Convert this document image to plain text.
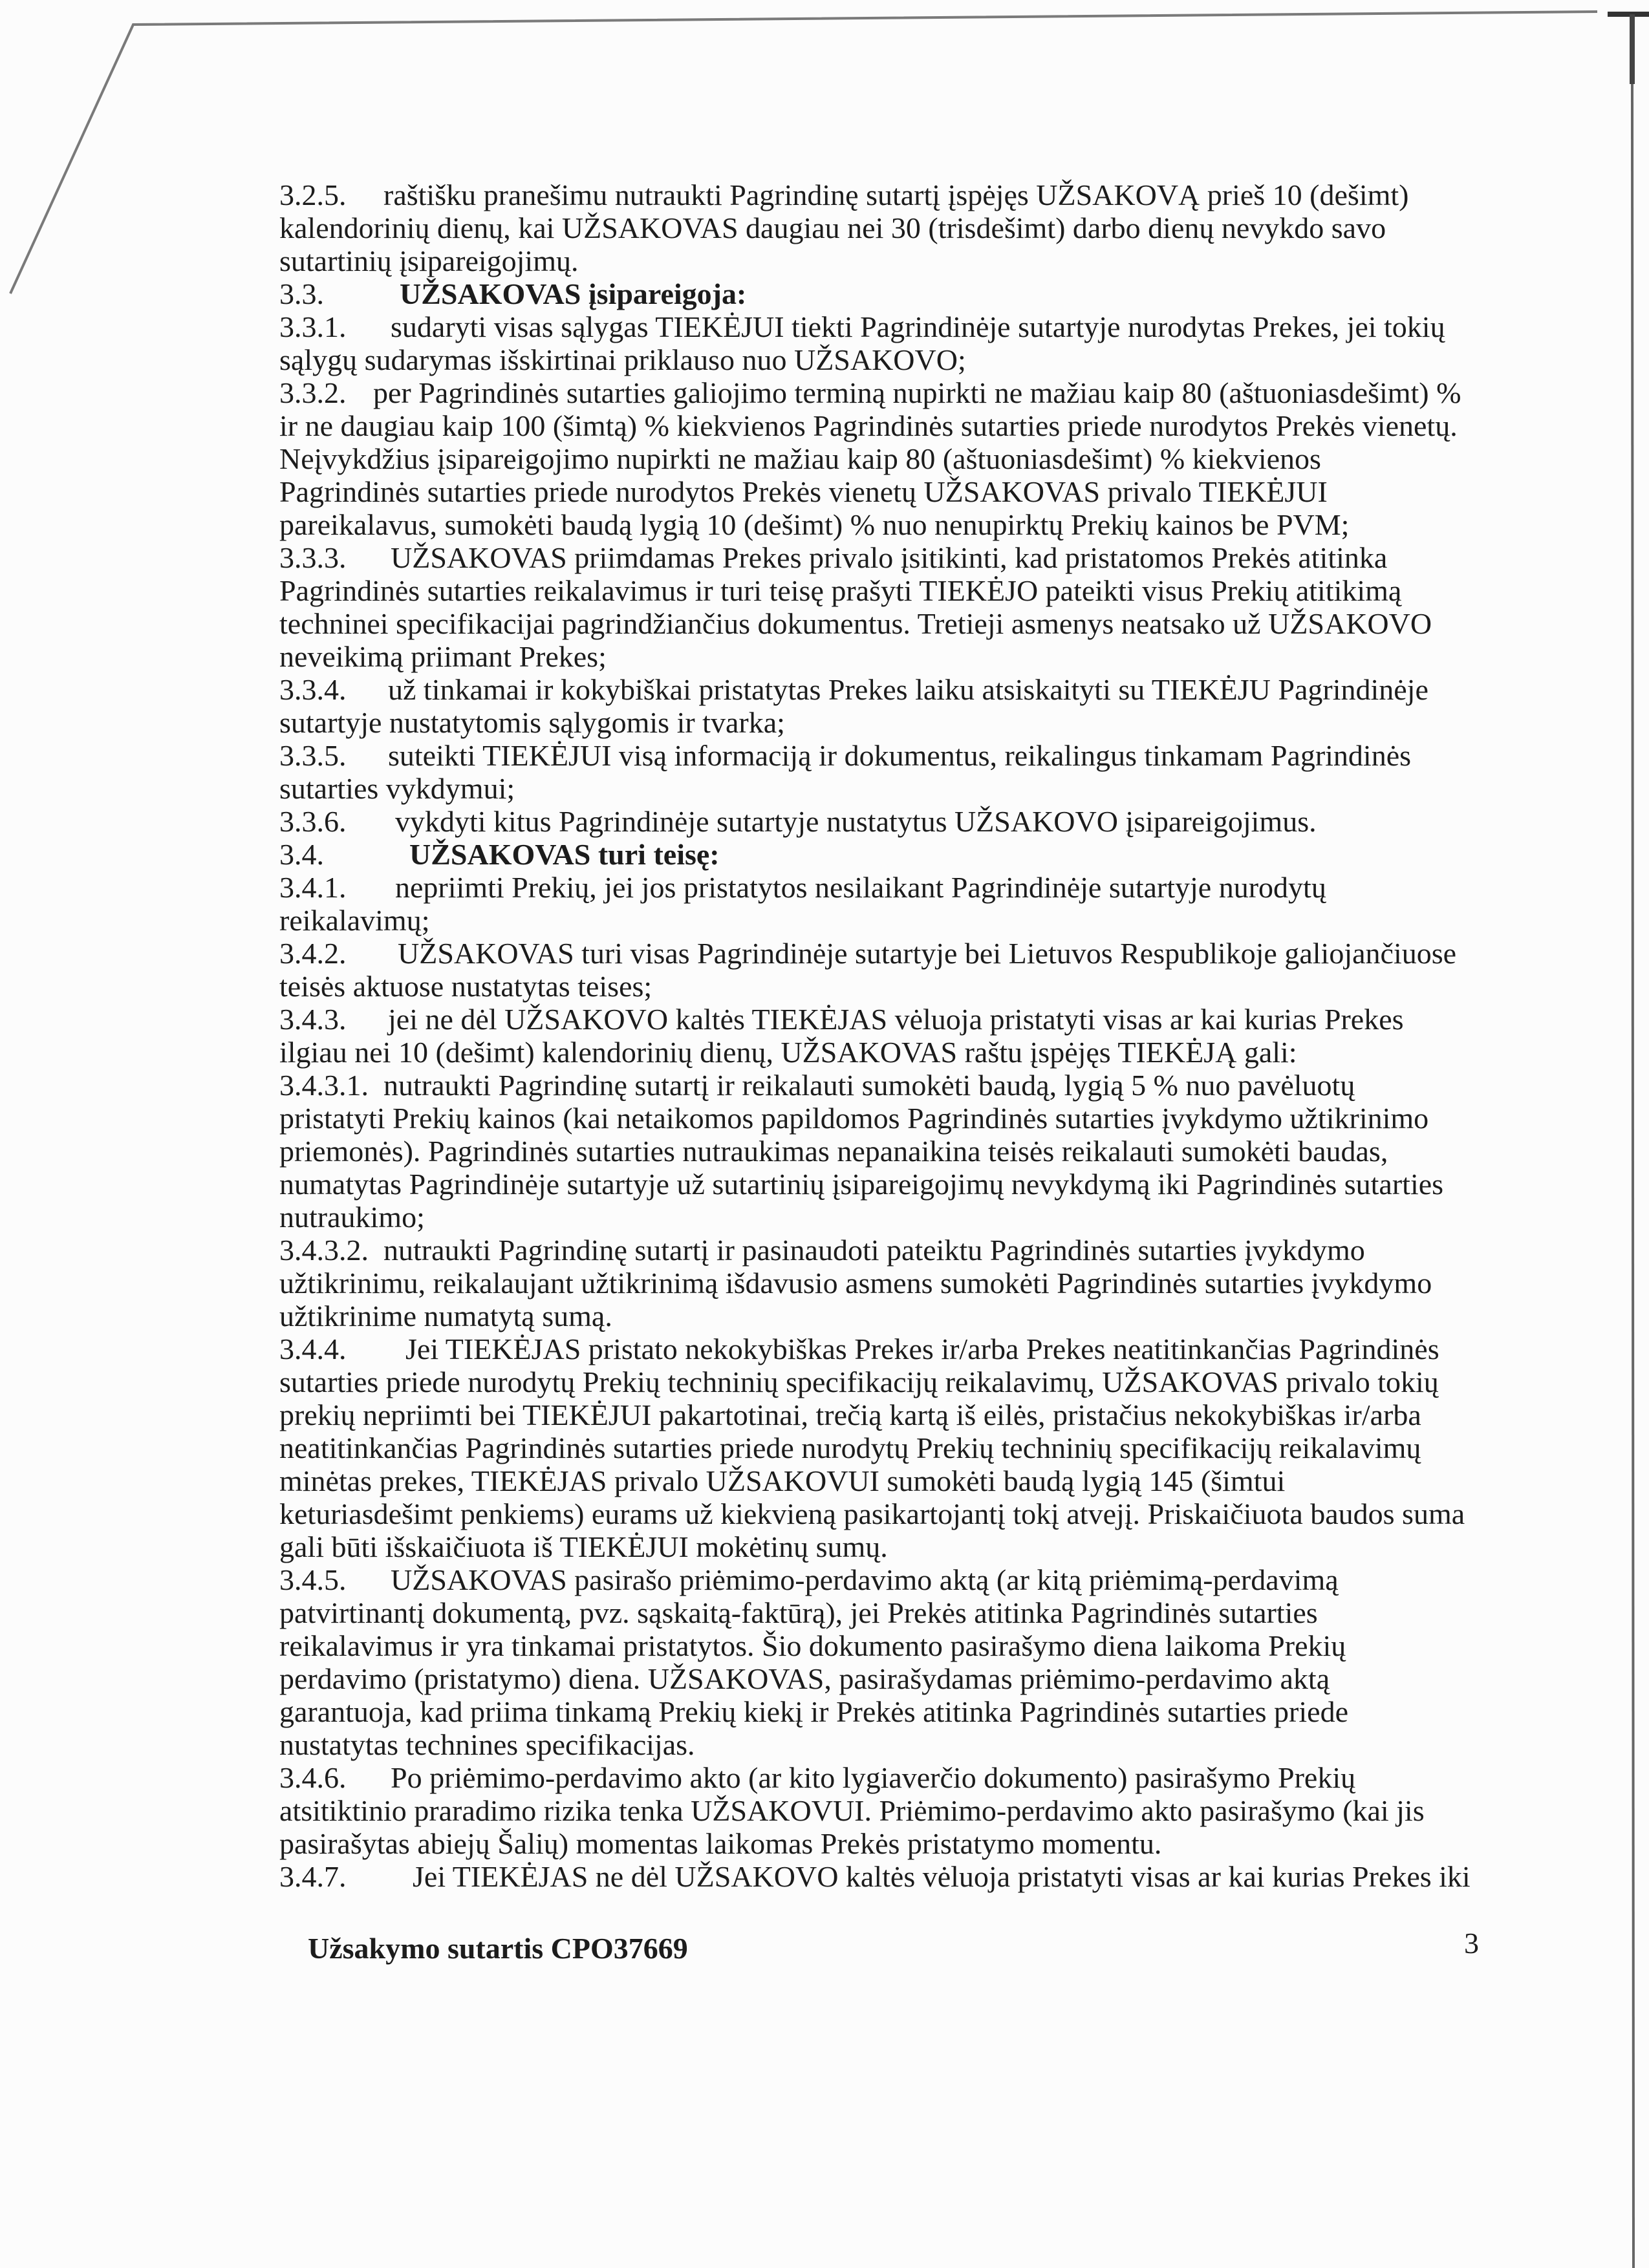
3.2.5. raštišku pranešimu nutraukti Pagrindinę sutartį įspėjęs UŽSAKOVĄ prieš 10 (dešimt)
kalendorinių dienų, kai UŽSAKOVAS daugiau nei 30 (trisdešimt) darbo dienų nevykdo savo
sutartinių įsipareigojimų.
3.3.	UŽSAKOVAS įsipareigoja:
3.3.1. sudaryti visas sąlygas TIEKĖJUI tiekti Pagrindinėje sutartyje nurodytas Prekes, jei tokių
sąlygų sudarymas išskirtinai priklauso nuo UŽSAKOVO;
3.3.2. per Pagrindinės sutarties galiojimo terminą nupirkti ne mažiau kaip 80 (aštuoniasdešimt) %
ir ne daugiau kaip 100 (šimtą) % kiekvienos Pagrindinės sutarties priede nurodytos Prekės vienetų.
Neįvykdžius įsipareigojimo nupirkti ne mažiau kaip 80 (aštuoniasdešimt) % kiekvienos
Pagrindinės sutarties priede nurodytos Prekės vienetų UŽSAKOVAS privalo TIEKĖJUI
pareikalavus, sumokėti baudą lygią 10 (dešimt) % nuo nenupirktų Prekių kainos be PVM;
3.3.3. UŽSAKOVAS priimdamas Prekes privalo įsitikinti, kad pristatomos Prekės atitinka
Pagrindinės sutarties reikalavimus ir turi teisę prašyti TIEKĖJO pateikti visus Prekių atitikimą
techninei specifikacijai pagrindžiančius dokumentus. Tretieji asmenys neatsako už UŽSAKOVO
neveikimą priimant Prekes;
3.3.4. už tinkamai ir kokybiškai pristatytas Prekes laiku atsiskaityti su TIEKĖJU Pagrindinėje
sutartyje nustatytomis sąlygomis ir tvarka;
3.3.5. suteikti TIEKĖJUI visą informaciją ir dokumentus, reikalingus tinkamam Pagrindinės
sutarties vykdymui;
3.3.6. vykdyti kitus Pagrindinėje sutartyje nustatytus UŽSAKOVO įsipareigojimus.
3.4.	UŽSAKOVAS turi teisę:
3.4.1. nepriimti Prekių, jei jos pristatytos nesilaikant Pagrindinėje sutartyje nurodytų
reikalavimų;
3.4.2. UŽSAKOVAS turi visas Pagrindinėje sutartyje bei Lietuvos Respublikoje galiojančiuose
teisės aktuose nustatytas teises;
3.4.3. jei ne dėl UŽSAKOVO kaltės TIEKĖJAS vėluoja pristatyti visas ar kai kurias Prekes
ilgiau nei 10 (dešimt) kalendorinių dienų, UŽSAKOVAS raštu įspėjęs TIEKĖJĄ gali:
3.4.3.1. nutraukti Pagrindinę sutartį ir reikalauti sumokėti baudą, lygią 5 % nuo pavėluotų
pristatyti Prekių kainos (kai netaikomos papildomos Pagrindinės sutarties įvykdymo užtikrinimo
priemonės). Pagrindinės sutarties nutraukimas nepanaikina teisės reikalauti sumokėti baudas,
numatytas Pagrindinėje sutartyje už sutartinių įsipareigojimų nevykdymą iki Pagrindinės sutarties
nutraukimo;
3.4.3.2. nutraukti Pagrindinę sutartį ir pasinaudoti pateiktu Pagrindinės sutarties įvykdymo
užtikrinimu, reikalaujant užtikrinimą išdavusio asmens sumokėti Pagrindinės sutarties įvykdymo
užtikrinime numatytą sumą.
3.4.4. Jei TIEKĖJAS pristato nekokybiškas Prekes ir/arba Prekes neatitinkančias Pagrindinės
sutarties priede nurodytų Prekių techninių specifikacijų reikalavimų, UŽSAKOVAS privalo tokių
prekių nepriimti bei TIEKĖJUI pakartotinai, trečią kartą iš eilės, pristačius nekokybiškas ir/arba
neatitinkančias Pagrindinės sutarties priede nurodytų Prekių techninių specifikacijų reikalavimų
minėtas prekes, TIEKĖJAS privalo UŽSAKOVUI sumokėti baudą lygią 145 (šimtui
keturiasdešimt penkiems) eurams už kiekvieną pasikartojantį tokį atvejį. Priskaičiuota baudos suma
gali būti išskaičiuota iš TIEKĖJUI mokėtinų sumų.
3.4.5. UŽSAKOVAS pasirašo priėmimo-perdavimo aktą (ar kitą priėmimą-perdavimą
patvirtinantį dokumentą, pvz. sąskaitą-faktūrą), jei Prekės atitinka Pagrindinės sutarties
reikalavimus ir yra tinkamai pristatytos. Šio dokumento pasirašymo diena laikoma Prekių
perdavimo (pristatymo) diena. UŽSAKOVAS, pasirašydamas priėmimo-perdavimo aktą
garantuoja, kad priima tinkamą Prekių kiekį ir Prekės atitinka Pagrindinės sutarties priede
nustatytas technines specifikacijas.
3.4.6. Po priėmimo-perdavimo akto (ar kito lygiaverčio dokumento) pasirašymo Prekių
atsitiktinio praradimo rizika tenka UŽSAKOVUI. Priėmimo-perdavimo akto pasirašymo (kai jis
pasirašytas abiejų Šalių) momentas laikomas Prekės pristatymo momentu.
3.4.7. Jei TIEKĖJAS ne dėl UŽSAKOVO kaltės vėluoja pristatyti visas ar kai kurias Prekes iki
Užsakymo sutartis CPO37669	3
